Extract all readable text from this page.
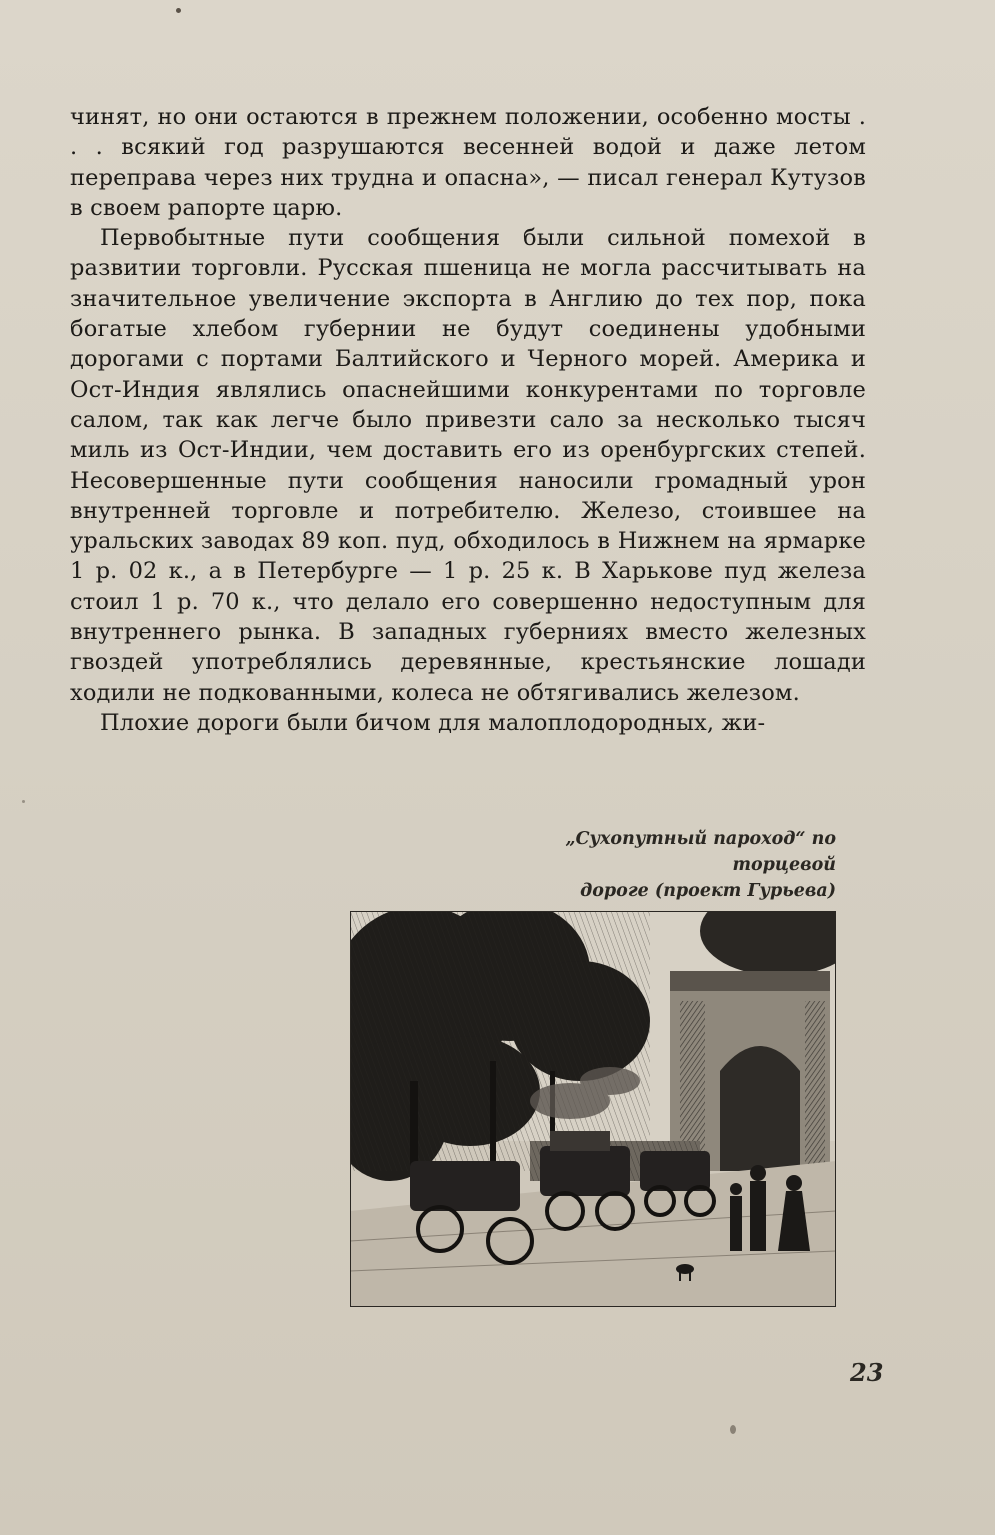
чинят, но они остаются в прежнем положении, особенно мосты . . . всякий год разрушаются весенней водой и даже летом переправа через них трудна и опасна», — писал генерал Кутузов в своем рапорте царю.

Первобытные пути сообщения были сильной помехой в развитии торговли. Русская пшеница не могла рассчитывать на значительное увеличение экспорта в Англию до тех пор, пока богатые хлебом губернии не будут соединены удобными дорогами с портами Балтийского и Черного морей. Америка и Ост-Индия являлись опаснейшими конкурентами по торговле салом, так как легче было привезти сало за несколько тысяч миль из Ост-Индии, чем доставить его из оренбургских степей. Несовершенные пути сообщения наносили громадный урон внутренней торговле и потребителю. Железо, стоившее на уральских заводах 89 коп. пуд, обходилось в Нижнем на ярмарке 1 р. 02 к., а в Петербурге — 1 р. 25 к. В Харькове пуд железа стоил 1 р. 70 к., что делало его совершенно недоступным для внутреннего рынка. В западных губерниях вместо железных гвоздей употреблялись деревянные, крестьянские лошади ходили не подкованными, колеса не обтягивались железом.

Плохие дороги были бичом для малоплодородных, жи-

„Сухопутный пароход“ по торцевой
дороге (проект Гурьева)
23
